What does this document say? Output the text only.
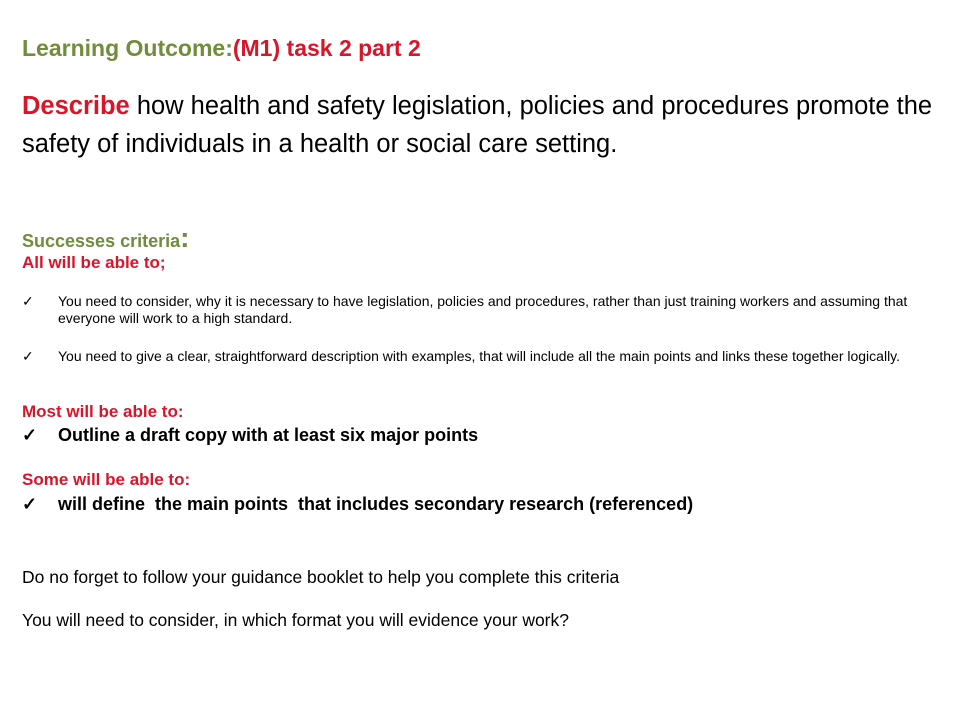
Learning Outcome:(M1) task 2 part 2
Describe how health and safety legislation, policies and procedures promote the safety of individuals in a health or social care setting.
Successes criteria:
All will be able to;
✓	You need to consider, why it is necessary to have legislation, policies and procedures, rather than just training workers and assuming that everyone will work to a high standard.
✓	You need to give a clear, straightforward description with examples, that will include all the main points and links these together logically.
Most will be able to:
✓	Outline a draft copy with at least six major points
Some will be able to:
✓	will define  the main points  that includes secondary research (referenced)
Do no forget to follow your guidance booklet to help you complete this criteria
You will need to consider, in which format you will evidence your work?
